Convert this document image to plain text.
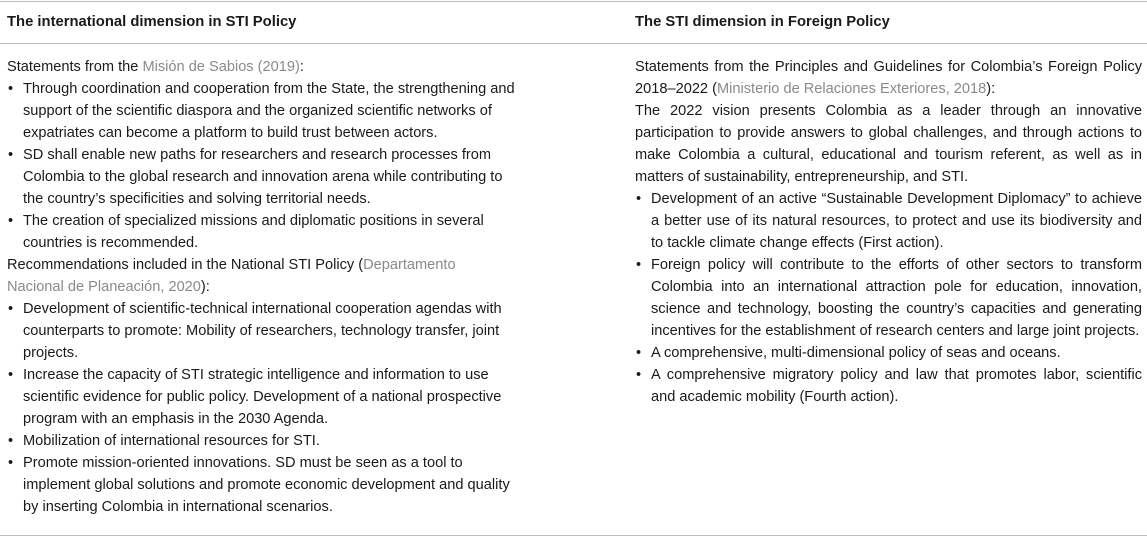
The international dimension in STI Policy	The STI dimension in Foreign Policy

Statements from the Misión de Sabios (2019):

• Through coordination and cooperation from the State, the strengthening and support of the scientific diaspora and the organized scientific networks of expatriates can become a platform to build trust between actors.
• SD shall enable new paths for researchers and research processes from Colombia to the global research and innovation arena while contributing to the country’s specificities and solving territorial needs.
• The creation of specialized missions and diplomatic positions in several countries is recommended.

Recommendations included in the National STI Policy (Departamento Nacional de Planeación, 2020):

• Development of scientific-technical international cooperation agendas with counterparts to promote: Mobility of researchers, technology transfer, joint projects.
• Increase the capacity of STI strategic intelligence and information to use scientific evidence for public policy. Development of a national prospective program with an emphasis in the 2030 Agenda.
• Mobilization of international resources for STI.
• Promote mission-oriented innovations. SD must be seen as a tool to implement global solutions and promote economic development and quality by inserting Colombia in international scenarios.

Statements from the Principles and Guidelines for Colombia’s Foreign Policy 2018–2022 (Ministerio de Relaciones Exteriores, 2018):

The 2022 vision presents Colombia as a leader through an innovative participation to provide answers to global challenges, and through actions to make Colombia a cultural, educational and tourism referent, as well as in matters of sustainability, entrepreneurship, and STI.

• Development of an active “Sustainable Development Diplomacy” to achieve a better use of its natural resources, to protect and use its biodiversity and to tackle climate change effects (First action).
• Foreign policy will contribute to the efforts of other sectors to transform Colombia into an international attraction pole for education, innovation, science and technology, boosting the country’s capacities and generating incentives for the establishment of research centers and large joint projects.
• A comprehensive, multi-dimensional policy of seas and oceans.
• A comprehensive migratory policy and law that promotes labor, scientific and academic mobility (Fourth action).
